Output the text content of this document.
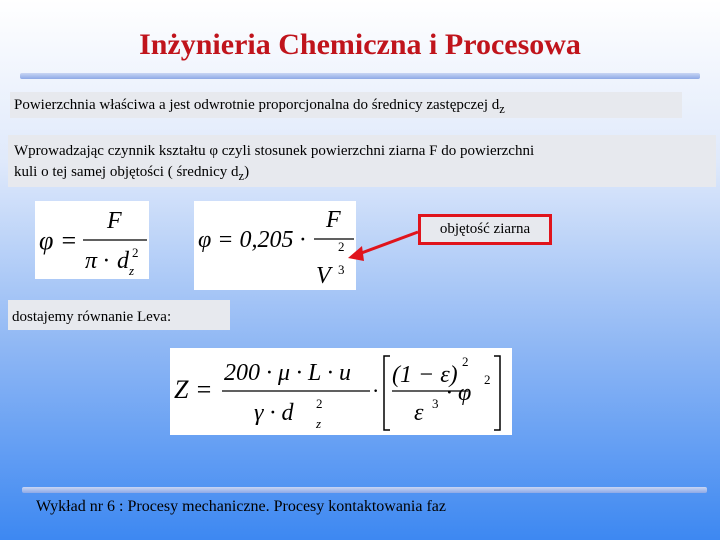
Inżynieria Chemiczna i Procesowa
Powierzchnia właściwa a jest odwrotnie proporcjonalna do średnicy zastępczej $d_z$
Wprowadzając czynnik kształtu φ czyli stosunek powierzchni ziarna F do powierzchni
kuli o tej samej objętości ( średnicy $d_z$)
φ =
F
π · d z
2 φ = 0,205 ·
F
2
V 3
objętość ziarna
dostajemy równanie Leva:
Z =
200 · μ · L · u
γ · d z
2
·
(1 − ε)
2
ε 3 · φ
2
Wykład nr 6 : Procesy mechaniczne. Procesy kontaktowania faz
